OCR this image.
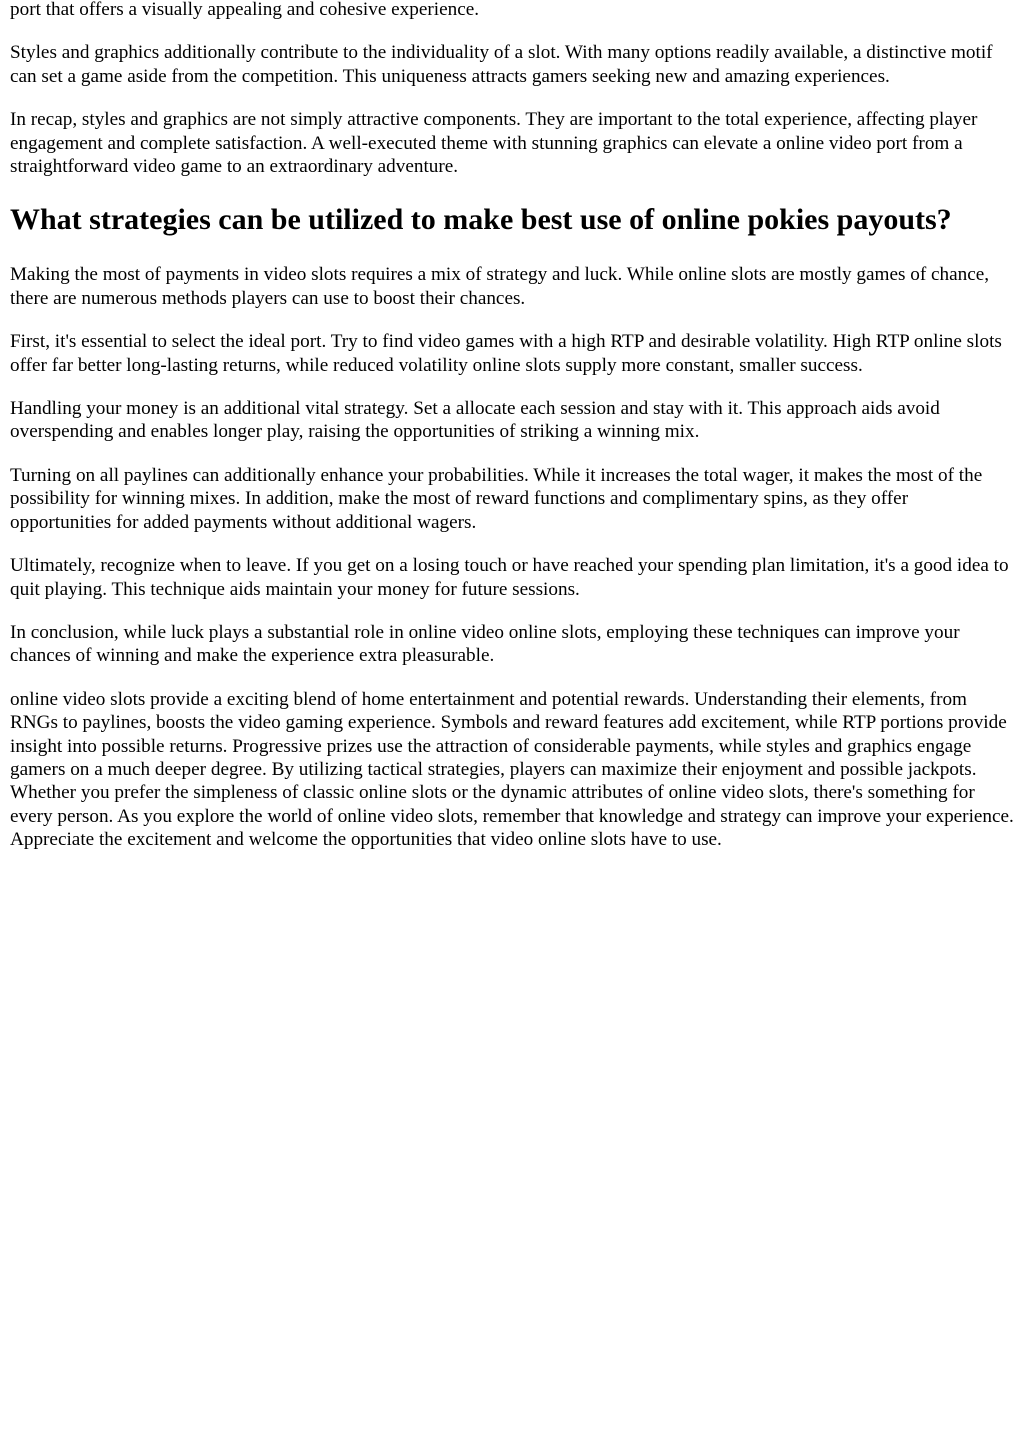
port that offers a visually appealing and cohesive experience.

Styles and graphics additionally contribute to the individuality of a slot. With many options readily available, a distinctive motif can set a game aside from the competition. This uniqueness attracts gamers seeking new and amazing experiences.

In recap, styles and graphics are not simply attractive components. They are important to the total experience, affecting player engagement and complete satisfaction. A well-executed theme with stunning graphics can elevate a online video port from a straightforward video game to an extraordinary adventure.

What strategies can be utilized to make best use of online pokies payouts?

Making the most of payments in video slots requires a mix of strategy and luck. While online slots are mostly games of chance, there are numerous methods players can use to boost their chances.

First, it's essential to select the ideal port. Try to find video games with a high RTP and desirable volatility. High RTP online slots offer far better long-lasting returns, while reduced volatility online slots supply more constant, smaller success.

Handling your money is an additional vital strategy. Set a allocate each session and stay with it. This approach aids avoid overspending and enables longer play, raising the opportunities of striking a winning mix.

Turning on all paylines can additionally enhance your probabilities. While it increases the total wager, it makes the most of the possibility for winning mixes. In addition, make the most of reward functions and complimentary spins, as they offer opportunities for added payments without additional wagers.

Ultimately, recognize when to leave. If you get on a losing touch or have reached your spending plan limitation, it's a good idea to quit playing. This technique aids maintain your money for future sessions.

In conclusion, while luck plays a substantial role in online video online slots, employing these techniques can improve your chances of winning and make the experience extra pleasurable.

online video slots provide a exciting blend of home entertainment and potential rewards. Understanding their elements, from RNGs to paylines, boosts the video gaming experience. Symbols and reward features add excitement, while RTP portions provide insight into possible returns. Progressive prizes use the attraction of considerable payments, while styles and graphics engage gamers on a much deeper degree. By utilizing tactical strategies, players can maximize their enjoyment and possible jackpots. Whether you prefer the simpleness of classic online slots or the dynamic attributes of online video slots, there's something for every person. As you explore the world of online video slots, remember that knowledge and strategy can improve your experience. Appreciate the excitement and welcome the opportunities that video online slots have to use.
